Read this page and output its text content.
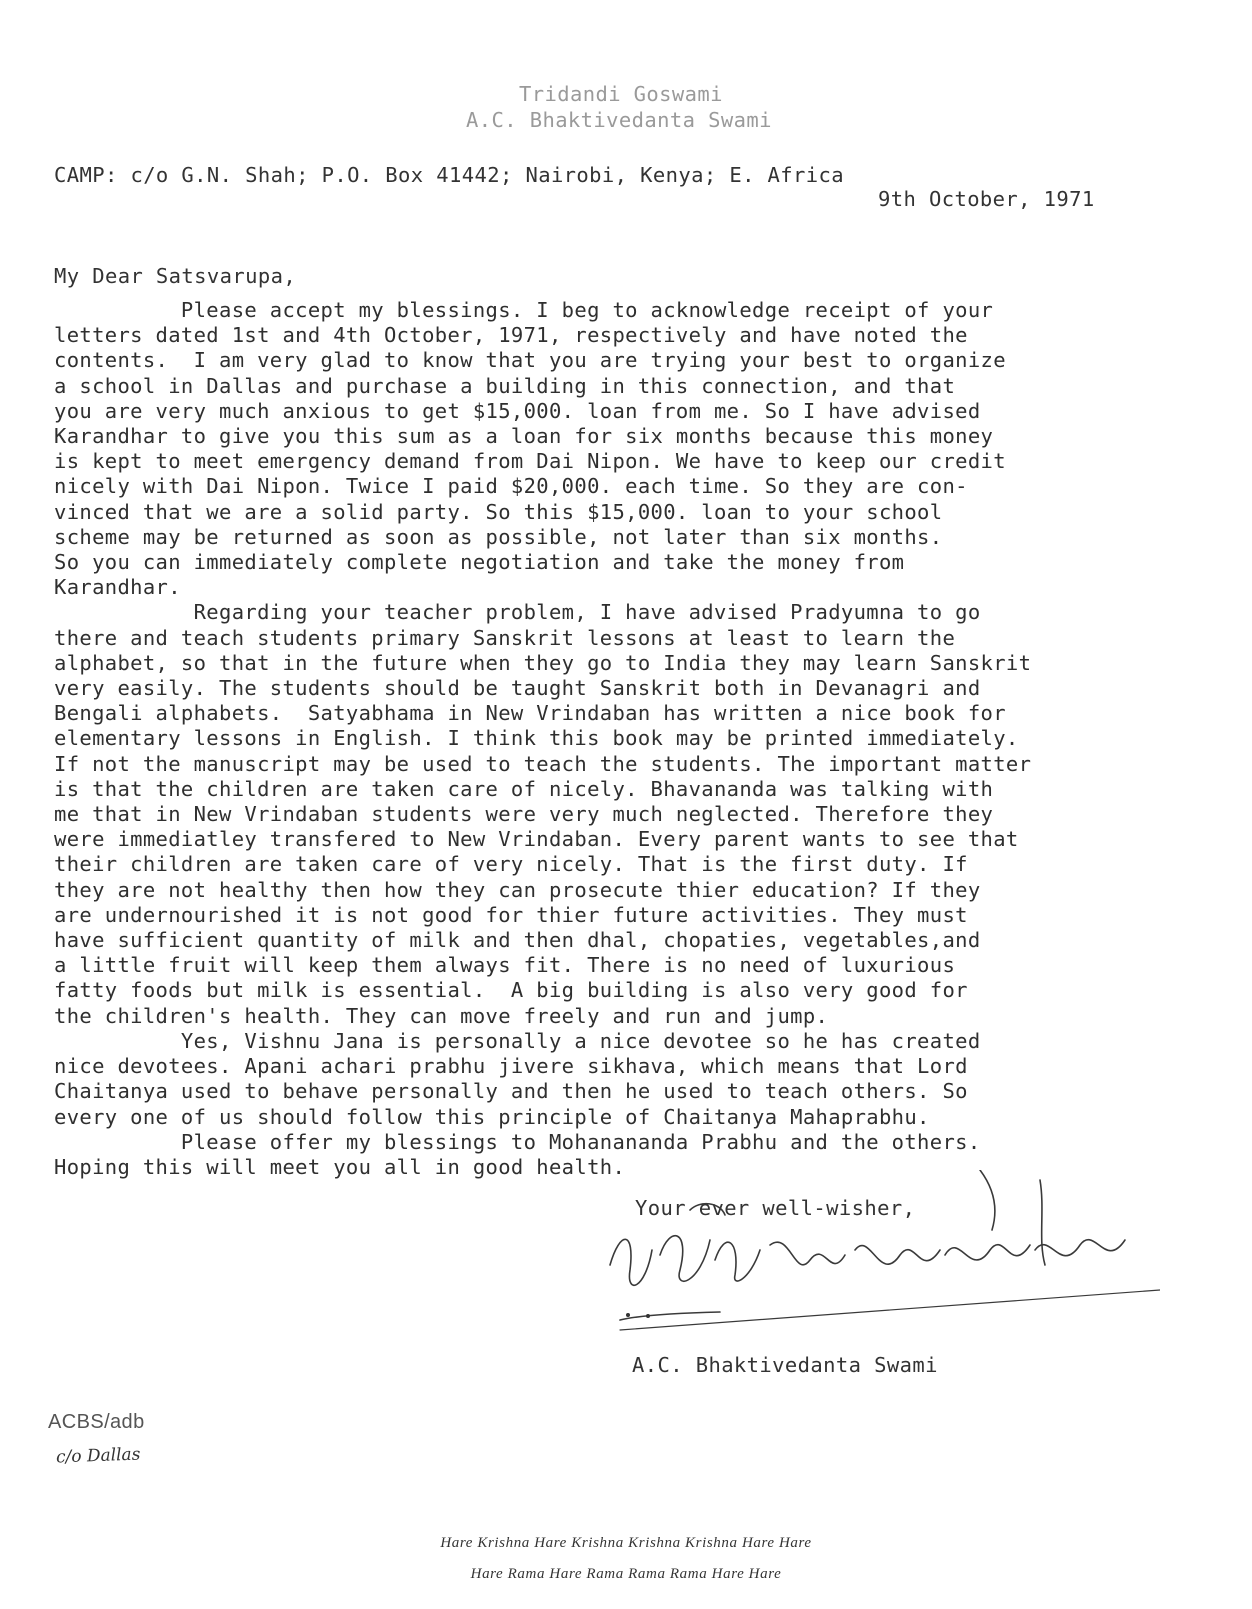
Tridandi Goswami
A.C. Bhaktivedanta Swami
CAMP: c/o G.N. Shah; P.O. Box 41442; Nairobi, Kenya; E. Africa
9th October, 1971
My Dear Satsvarupa,
Please accept my blessings. I beg to acknowledge receipt of your
letters dated 1st and 4th October, 1971, respectively and have noted the
contents.  I am very glad to know that you are trying your best to organize
a school in Dallas and purchase a building in this connection, and that
you are very much anxious to get $15,000. loan from me. So I have advised
Karandhar to give you this sum as a loan for six months because this money
is kept to meet emergency demand from Dai Nipon. We have to keep our credit
nicely with Dai Nipon. Twice I paid $20,000. each time. So they are con-
vinced that we are a solid party. So this $15,000. loan to your school
scheme may be returned as soon as possible, not later than six months.
So you can immediately complete negotiation and take the money from
Karandhar.
Regarding your teacher problem, I have advised Pradyumna to go
there and teach students primary Sanskrit lessons at least to learn the
alphabet, so that in the future when they go to India they may learn Sanskrit
very easily. The students should be taught Sanskrit both in Devanagri and
Bengali alphabets.  Satyabhama in New Vrindaban has written a nice book for
elementary lessons in English. I think this book may be printed immediately.
If not the manuscript may be used to teach the students. The important matter
is that the children are taken care of nicely. Bhavananda was talking with
me that in New Vrindaban students were very much neglected. Therefore they
were immediatley transfered to New Vrindaban. Every parent wants to see that
their children are taken care of very nicely. That is the first duty. If
they are not healthy then how they can prosecute thier education? If they
are undernourished it is not good for thier future activities. They must
have sufficient quantity of milk and then dhal, chopaties, vegetables,and
a little fruit will keep them always fit. There is no need of luxurious
fatty foods but milk is essential.  A big building is also very good for
the children's health. They can move freely and run and jump.
Yes, Vishnu Jana is personally a nice devotee so he has created
nice devotees. Apani achari prabhu jivere sikhava, which means that Lord
Chaitanya used to behave personally and then he used to teach others. So
every one of us should follow this principle of Chaitanya Mahaprabhu.
Please offer my blessings to Mohanananda Prabhu and the others.
Hoping this will meet you all in good health.
Your ever well-wisher,
A.C. Bhaktivedanta Swami
ACBS/adb
c/o Dallas
Hare Krishna Hare Krishna Krishna Krishna Hare Hare
Hare Rama Hare Rama Rama Rama Hare Hare
